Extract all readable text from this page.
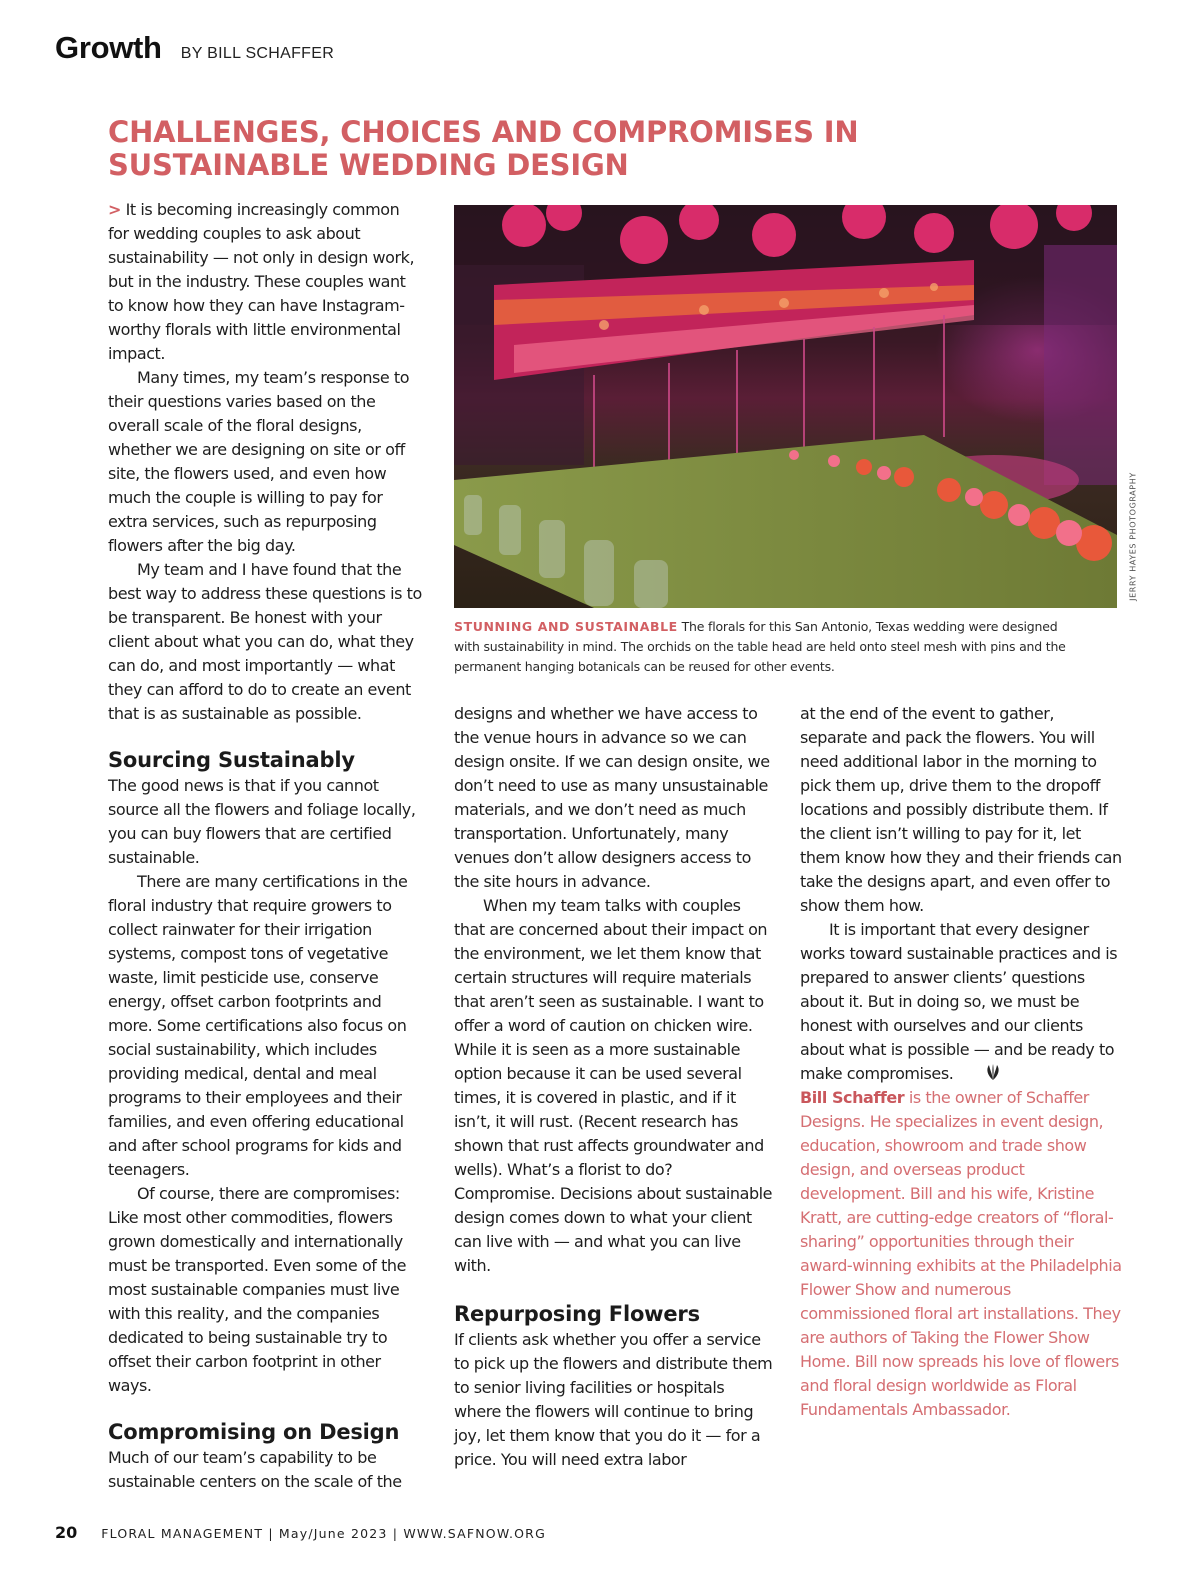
Growth BY BILL SCHAFFER
CHALLENGES, CHOICES AND COMPROMISES IN
SUSTAINABLE WEDDING DESIGN

> It is becoming increasingly common for wedding couples to ask about sustainability — not only in design work, but in the industry. These couples want to know how they can have Instagram-worthy florals with little environmental impact.

Many times, my team’s response to their questions varies based on the overall scale of the floral designs, whether we are designing on site or off site, the flowers used, and even how much the couple is willing to pay for extra services, such as repurposing flowers after the big day.

My team and I have found that the best way to address these questions is to be transparent. Be honest with your client about what you can do, what they can do, and most importantly — what they can afford to do to create an event that is as sustainable as possible.

Sourcing Sustainably

The good news is that if you cannot source all the flowers and foliage locally, you can buy flowers that are certified sustainable.

There are many certifications in the floral industry that require growers to collect rainwater for their irrigation systems, compost tons of vegetative waste, limit pesticide use, conserve energy, offset carbon footprints and more. Some certifications also focus on social sustainability, which includes providing medical, dental and meal programs to their employees and their families, and even offering educational and after school programs for kids and teenagers.

Of course, there are compromises: Like most other commodities, flowers grown domestically and internationally must be transported. Even some of the most sustainable companies must live with this reality, and the companies dedicated to being sustainable try to offset their carbon footprint in other ways.

Compromising on Design

Much of our team’s capability to be sustainable centers on the scale of the

JERRY HAYES PHOTOGRAPHY
STUNNING AND SUSTAINABLE The florals for this San Antonio, Texas wedding were designed
with sustainability in mind. The orchids on the table head are held onto steel mesh with pins and the
permanent hanging botanicals can be reused for other events.

designs and whether we have access to the venue hours in advance so we can design onsite. If we can design onsite, we don’t need to use as many unsustainable materials, and we don’t need as much transportation. Unfortunately, many venues don’t allow designers access to the site hours in advance.

When my team talks with couples that are concerned about their impact on the environment, we let them know that certain structures will require materials that aren’t seen as sustainable. I want to offer a word of caution on chicken wire. While it is seen as a more sustainable option because it can be used several times, it is covered in plastic, and if it isn’t, it will rust. (Recent research has shown that rust affects groundwater and wells). What’s a florist to do? Compromise. Decisions about sustainable design comes down to what your client can live with — and what you can live with.

Repurposing Flowers

If clients ask whether you offer a service to pick up the flowers and distribute them to senior living facilities or hospitals where the flowers will continue to bring joy, let them know that you do it — for a price. You will need extra labor

at the end of the event to gather, separate and pack the flowers. You will need additional labor in the morning to pick them up, drive them to the dropoff locations and possibly distribute them. If the client isn’t willing to pay for it, let them know how they and their friends can take the designs apart, and even offer to show them how.

It is important that every designer works toward sustainable practices and is prepared to answer clients’ questions about it. But in doing so, we must be honest with ourselves and our clients about what is possible — and be ready to make compromises.

Bill Schaffer is the owner of Schaffer Designs. He specializes in event design, education, showroom and trade show design, and overseas product development. Bill and his wife, Kristine Kratt, are cutting-edge creators of “floral-sharing” opportunities through their award-winning exhibits at the Philadelphia Flower Show and numerous commissioned floral art installations. They are authors of Taking the Flower Show Home. Bill now spreads his love of flowers and floral design worldwide as Floral Fundamentals Ambassador.

20 FLORAL MANAGEMENT | May/June 2023 | WWW.SAFNOW.ORG
